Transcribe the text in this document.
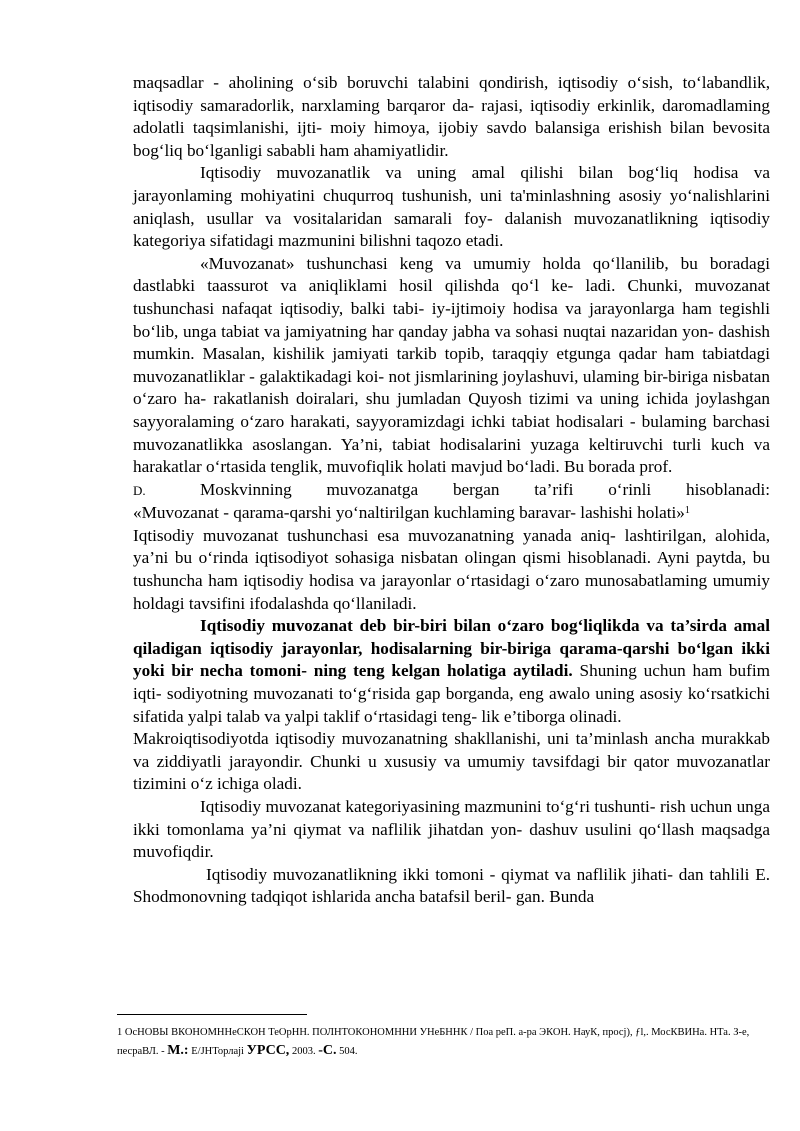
maqsadlar - aholining o‘sib boruvchi talabini qondirish, iqtisodiy o‘sish, to‘labandlik, iqtisodiy samaradorlik, narxlaming barqaror da- rajasi, iqtisodiy erkinlik, daromadlaming adolatli taqsimlanishi, ijti- moiy himoya, ijobiy savdo balansiga erishish bilan bevosita bog‘liq bo‘lganligi sababli ham ahamiyatlidir.

Iqtisodiy muvozanatlik va uning amal qilishi bilan bog‘liq hodisa va jarayonlaming mohiyatini chuqurroq tushunish, uni ta'minlashning asosiy yo‘nalishlarini aniqlash, usullar va vositalaridan samarali foy- dalanish muvozanatlikning iqtisodiy kategoriya sifatidagi mazmunini bilishni taqozo etadi.

«Muvozanat» tushunchasi keng va umumiy holda qo‘llanilib, bu boradagi dastlabki taassurot va aniqliklami hosil qilishda qo‘l ke- ladi. Chunki, muvozanat tushunchasi nafaqat iqtisodiy, balki tabi- iy-ijtimoiy hodisa va jarayonlarga ham tegishli bo‘lib, unga tabiat va jamiyatning har qanday jabha va sohasi nuqtai nazaridan yon- dashish mumkin. Masalan, kishilik jamiyati tarkib topib, taraqqiy etgunga qadar ham tabiatdagi muvozanatliklar - galaktikadagi koi- not jismlarining joylashuvi, ulaming bir-biriga nisbatan o‘zaro ha- rakatlanish doiralari, shu jumladan Quyosh tizimi va uning ichida joylashgan sayyoralaming o‘zaro harakati, sayyoramizdagi ichki tabiat hodisalari - bulaming barchasi muvozanatlikka asoslangan. Ya’ni, tabiat hodisalarini yuzaga keltiruvchi turli kuch va harakatlar o‘rtasida tenglik, muvofiqlik holati mavjud bo‘ladi. Bu borada prof.

D.	Moskvinning muvozanatga bergan ta’rifi o‘rinli hisoblanadi:

«Muvozanat - qarama-qarshi yo‘naltirilgan kuchlaming baravar- lashishi holati»$^1$

Iqtisodiy muvozanat tushunchasi esa muvozanatning yanada aniq- lashtirilgan, alohida, ya’ni bu o‘rinda iqtisodiyot sohasiga nisbatan olingan qismi hisoblanadi. Ayni paytda, bu tushuncha ham iqtisodiy hodisa va jarayonlar o‘rtasidagi o‘zaro munosabatlaming umumiy holdagi tavsifini ifodalashda qo‘llaniladi.

Iqtisodiy muvozanat deb bir-biri bilan o‘zaro bog‘liqlikda va ta’sirda amal qiladigan iqtisodiy jarayonlar, hodisalarning bir-biriga qarama-qarshi bo‘lgan ikki yoki bir necha tomoni- ning teng kelgan holatiga aytiladi. Shuning uchun ham bufim iqti- sodiyotning muvozanati to‘g‘risida gap borganda, eng awalo uning asosiy ko‘rsatkichi sifatida yalpi talab va yalpi taklif o‘rtasidagi teng- lik e’tiborga olinadi.

Makroiqtisodiyotda iqtisodiy muvozanatning shakllanishi, uni ta’minlash ancha murakkab va ziddiyatli jarayondir. Chunki u xususiy va umumiy tavsifdagi bir qator muvozanatlar tizimini o‘z ichiga oladi.

Iqtisodiy muvozanat kategoriyasining mazmunini to‘g‘ri tushunti- rish uchun unga ikki tomonlama ya’ni qiymat va naflilik jihatdan yon- dashuv usulini qo‘llash maqsadga muvofiqdir.

Iqtisodiy muvozanatlikning ikki tomoni - qiymat va naflilik jihati- dan tahlili E. Shodmonovning tadqiqot ishlarida ancha batafsil beril- gan. Bunda

1 ОсНОВЫ ВКОНОМННеСКОН ТеОрНН. ПОЛНТОКОНОМННИ УНеБННК / Поа реП. а-ра ЭКОН. НауК, просј), ƒl,. МосКВИНа. НТа. З-е, песраВЛ. - M.: E/JНТорлајі УРСС, 2003. -С. 504.
